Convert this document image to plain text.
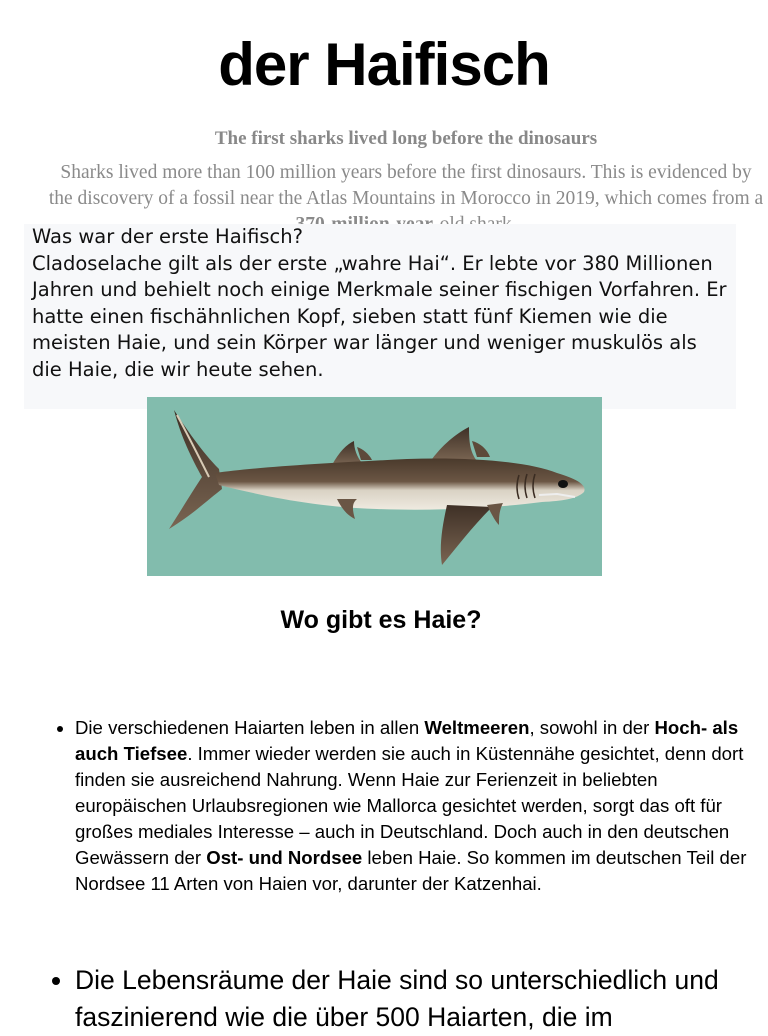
der Haifisch
The first sharks lived long before the dinosaurs
Sharks lived more than 100 million years before the first dinosaurs. This is evidenced by the discovery of a fossil near the Atlas Mountains in Morocco in 2019, which comes from a
Was war der erste Haifisch?
Cladoselache gilt als der erste „wahre Hai“. Er lebte vor 380 Millionen Jahren und behielt noch einige Merkmale seiner fischigen Vorfahren. Er hatte einen fischähnlichen Kopf, sieben statt fünf Kiemen wie die meisten Haie, und sein Körper war länger und weniger muskulös als die Haie, die wir heute sehen.
Wo gibt es Haie?
• Die verschiedenen Haiarten leben in allen Weltmeeren, sowohl in der Hoch- als auch Tiefsee. Immer wieder werden sie auch in Küstennähe gesichtet, denn dort finden sie ausreichend Nahrung. Wenn Haie zur Ferienzeit in beliebten europäischen Urlaubsregionen wie Mallorca gesichtet werden, sorgt das oft für großes mediales Interesse – auch in Deutschland. Doch auch in den deutschen Gewässern der Ost- und Nordsee leben Haie. So kommen im deutschen Teil der Nordsee 11 Arten von Haien vor, darunter der Katzenhai.
• Die Lebensräume der Haie sind so unterschiedlich und faszinierend wie die über 500 Haiarten, die im
